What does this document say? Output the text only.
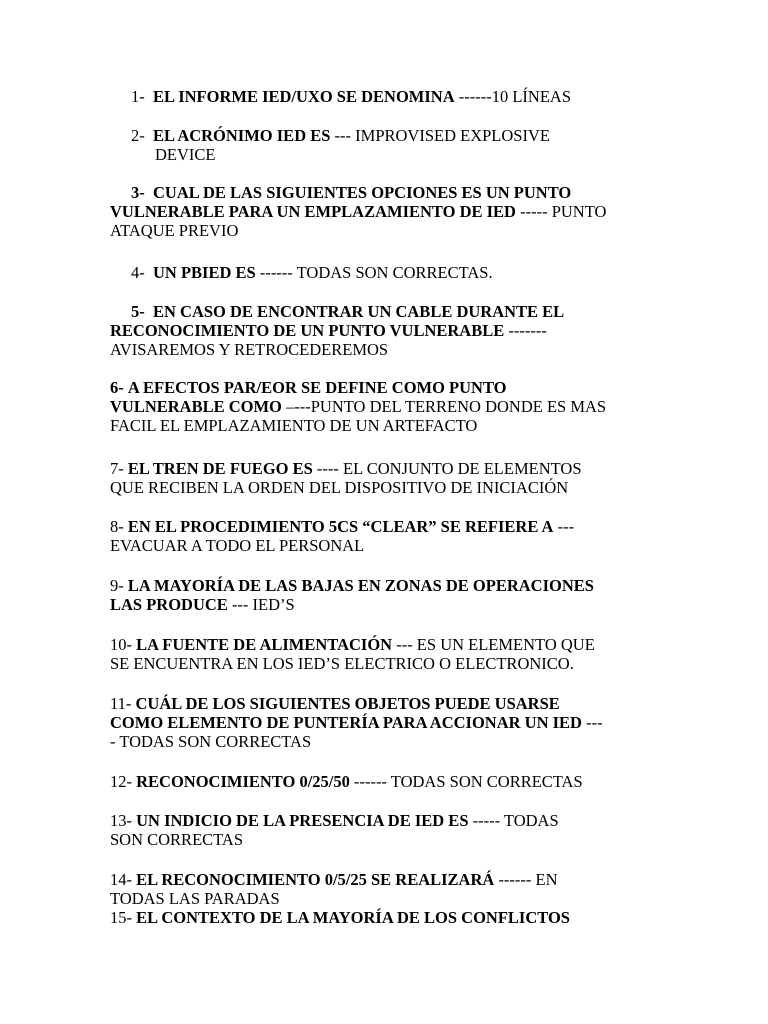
1- EL INFORME IED/UXO SE DENOMINA ------10 LÍNEAS
2- EL ACRÓNIMO IED ES --- IMPROVISED EXPLOSIVE
DEVICE
3- CUAL DE LAS SIGUIENTES OPCIONES ES UN PUNTO
VULNERABLE PARA UN EMPLAZAMIENTO DE IED ----- PUNTO
ATAQUE PREVIO
4- UN PBIED ES ------ TODAS SON CORRECTAS.
5- EN CASO DE ENCONTRAR UN CABLE DURANTE EL
RECONOCIMIENTO DE UN PUNTO VULNERABLE -------
AVISAREMOS Y RETROCEDEREMOS
6- A EFECTOS PAR/EOR SE DEFINE COMO PUNTO
VULNERABLE COMO –---PUNTO DEL TERRENO DONDE ES MAS
FACIL EL EMPLAZAMIENTO DE UN ARTEFACTO
7- EL TREN DE FUEGO ES ---- EL CONJUNTO DE ELEMENTOS
QUE RECIBEN LA ORDEN DEL DISPOSITIVO DE INICIACIÓN
8- EN EL PROCEDIMIENTO 5CS “CLEAR” SE REFIERE A ---
EVACUAR A TODO EL PERSONAL
9- LA MAYORÍA DE LAS BAJAS EN ZONAS DE OPERACIONES
LAS PRODUCE --- IED’S
10- LA FUENTE DE ALIMENTACIÓN --- ES UN ELEMENTO QUE
SE ENCUENTRA EN LOS IED’S ELECTRICO O ELECTRONICO.
11- CUÁL DE LOS SIGUIENTES OBJETOS PUEDE USARSE
COMO ELEMENTO DE PUNTERÍA PARA ACCIONAR UN IED ---
- TODAS SON CORRECTAS
12- RECONOCIMIENTO 0/25/50 ------ TODAS SON CORRECTAS
13- UN INDICIO DE LA PRESENCIA DE IED ES ----- TODAS
SON CORRECTAS
14- EL RECONOCIMIENTO 0/5/25 SE REALIZARÁ ------ EN
TODAS LAS PARADAS
15- EL CONTEXTO DE LA MAYORÍA DE LOS CONFLICTOS
